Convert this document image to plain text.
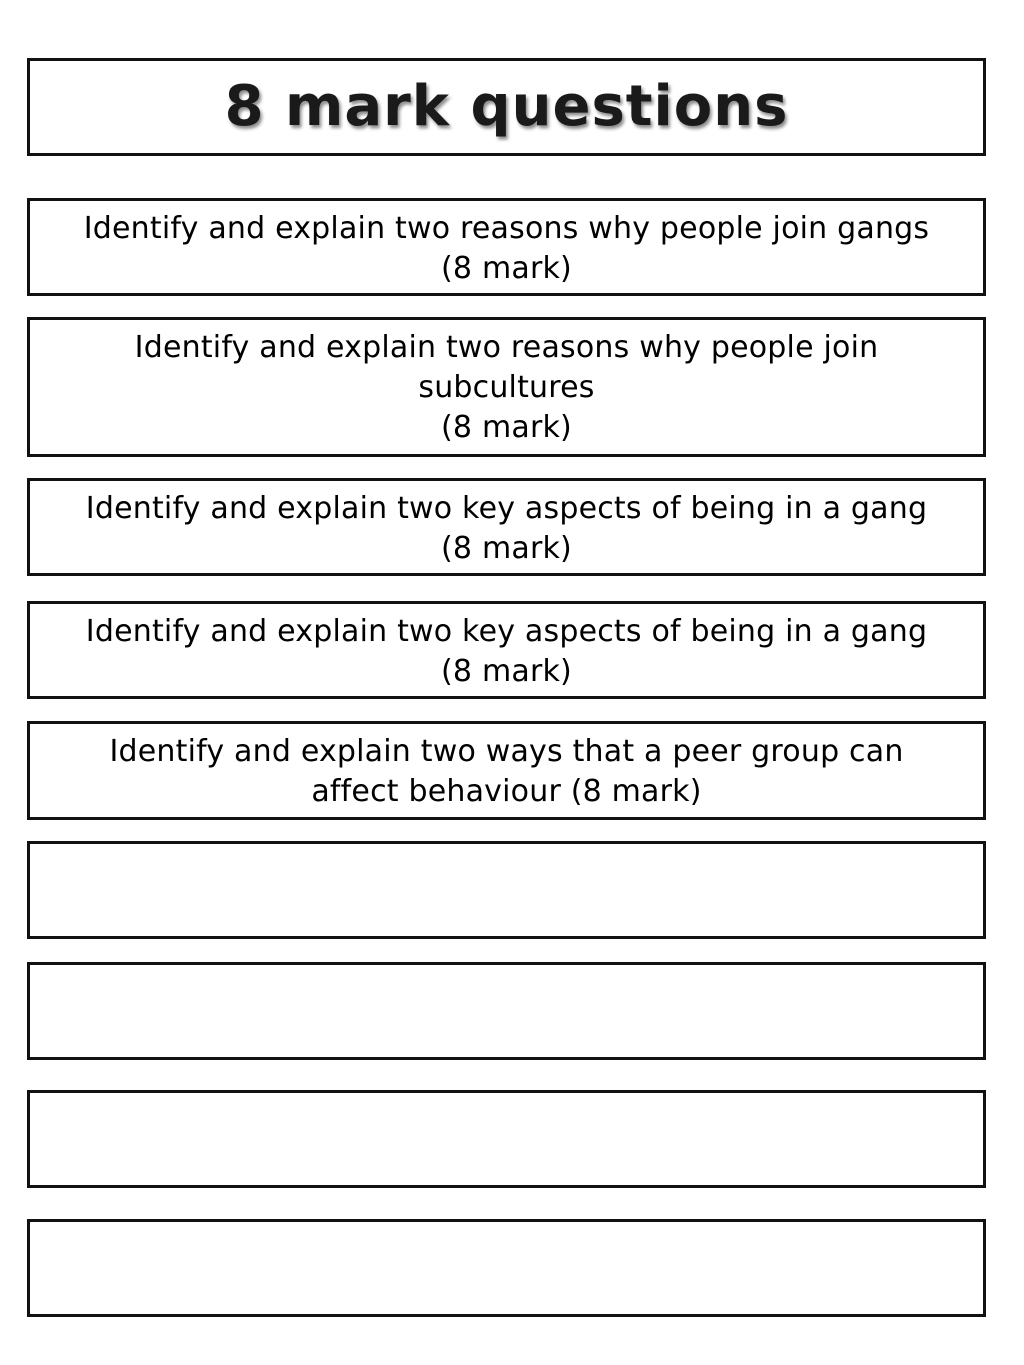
8 mark questions
Identify and explain two reasons why people join gangs
(8 mark)
Identify and explain two reasons why people join
subcultures
(8 mark)
Identify and explain two key aspects of being in a gang
(8 mark)
Identify and explain two key aspects of being in a gang
(8 mark)
Identify and explain two ways that a peer group can
affect behaviour (8 mark)
